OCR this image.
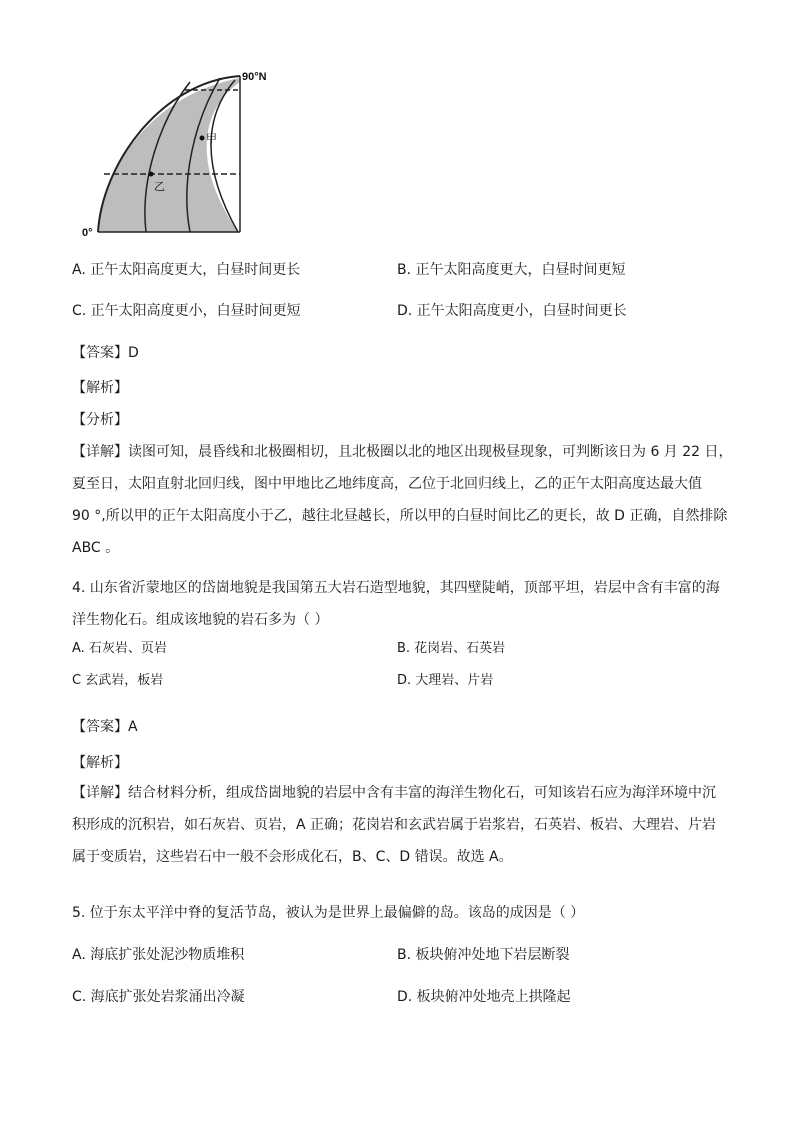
90°N
0°
甲
乙
A. 正午太阳高度更大，白昼时间更长	B. 正午太阳高度更大，白昼时间更短
C. 正午太阳高度更小，白昼时间更短	D. 正午太阳高度更小，白昼时间更长
【答案】D
【解析】
【分析】
【详解】读图可知，晨昏线和北极圈相切，且北极圈以北的地区出现极昼现象，可判断该日为 6 月 22 日，
夏至日，太阳直射北回归线，图中甲地比乙地纬度高，乙位于北回归线上，乙的正午太阳高度达最大值
90 °,所以甲的正午太阳高度小于乙，越往北昼越长，所以甲的白昼时间比乙的更长，故 D 正确，自然排除
ABC 。
4. 山东省沂蒙地区的岱崮地貌是我国第五大岩石造型地貌，其四壁陡峭，顶部平坦，岩层中含有丰富的海
洋生物化石。组成该地貌的岩石多为（ ）
A. 石灰岩、页岩	B. 花岗岩、石英岩
C 玄武岩，板岩	D. 大理岩、片岩
【答案】A
【解析】
【详解】结合材料分析，组成岱崮地貌的岩层中含有丰富的海洋生物化石，可知该岩石应为海洋环境中沉
积形成的沉积岩，如石灰岩、页岩，A 正确；花岗岩和玄武岩属于岩浆岩，石英岩、板岩、大理岩、片岩
属于变质岩，这些岩石中一般不会形成化石，B、C、D 错误。故选 A。
5. 位于东太平洋中脊的复活节岛，被认为是世界上最偏僻的岛。该岛的成因是（ ）
A. 海底扩张处泥沙物质堆积	B. 板块俯冲处地下岩层断裂
C. 海底扩张处岩浆涌出冷凝	D. 板块俯冲处地壳上拱隆起
